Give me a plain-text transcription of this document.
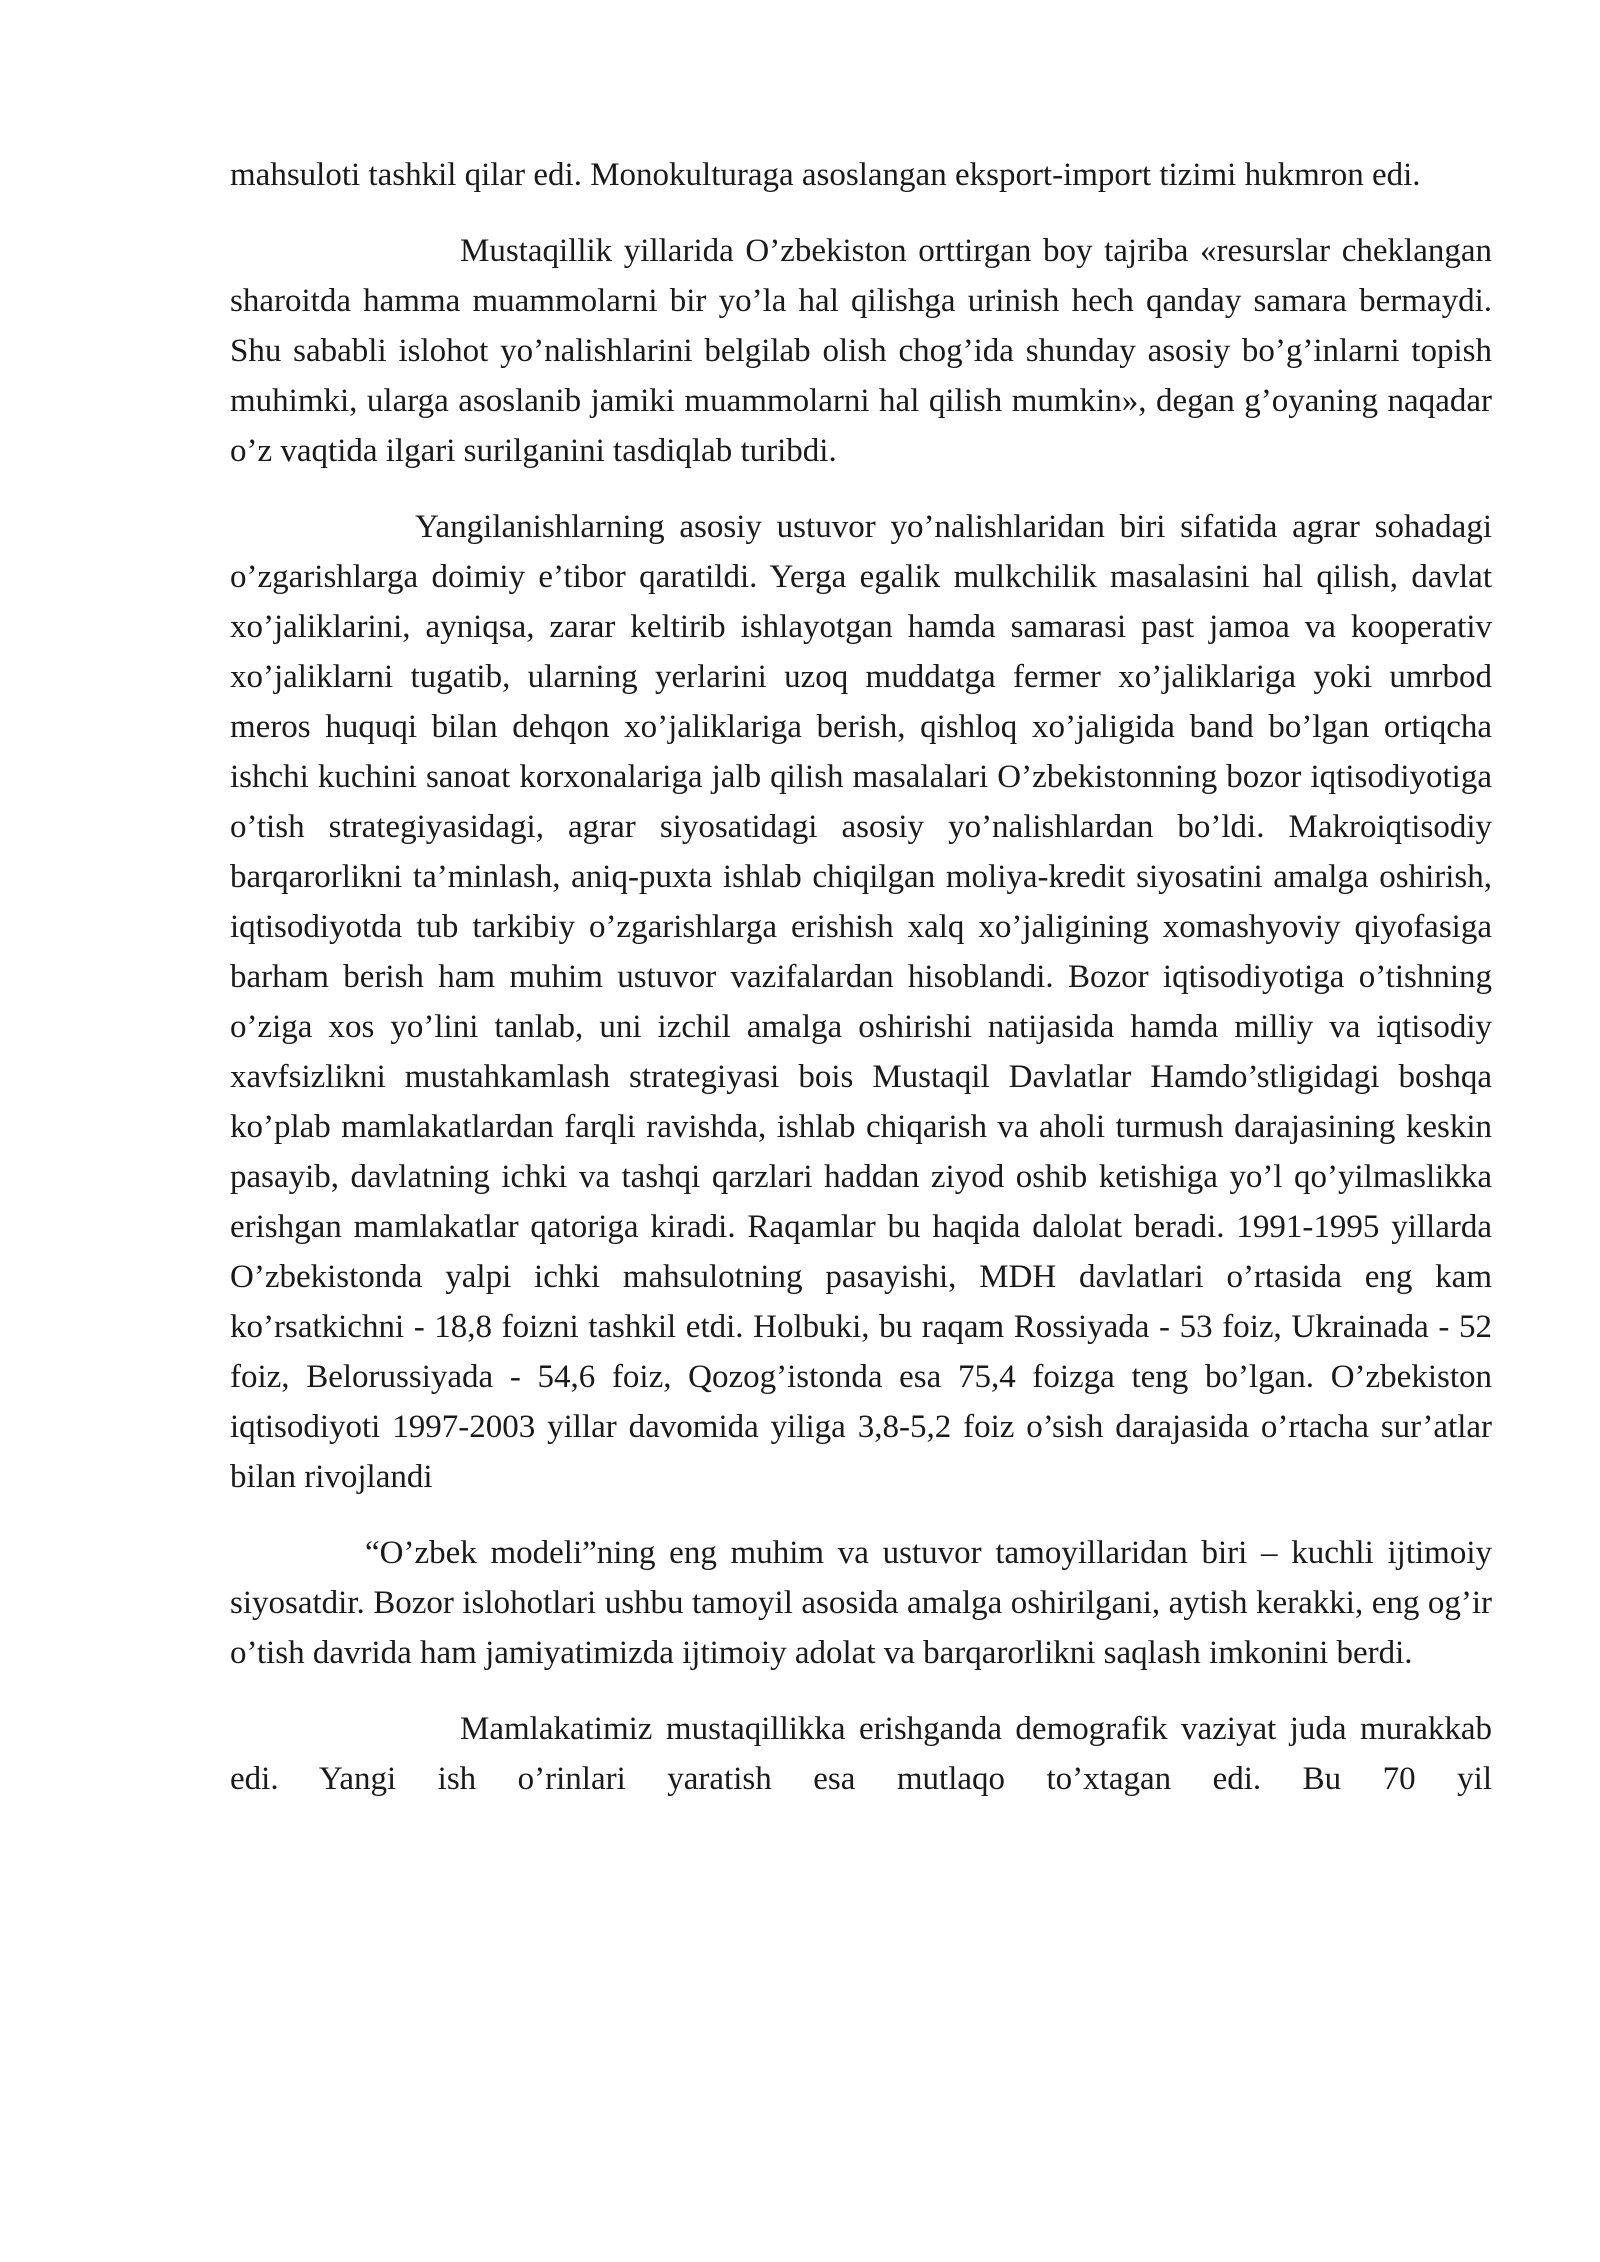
mahsuloti tashkil qilar edi. Monokulturaga asoslangan eksport-import tizimi hukmron edi.

Mustaqillik yillarida O’zbekiston orttirgan boy tajriba «resurslar cheklangan sharoitda hamma muammolarni bir yo’la hal qilishga urinish hech qanday samara bermaydi. Shu sababli islohot yo’nalishlarini belgilab olish chog’ida shunday asosiy bo’g’inlarni topish muhimki, ularga asoslanib jamiki muammolarni hal qilish mumkin», degan g’oyaning naqadar o’z vaqtida ilgari surilganini tasdiqlab turibdi.

Yangilanishlarning asosiy ustuvor yo’nalishlaridan biri sifatida agrar sohadagi o’zgarishlarga doimiy e’tibor qaratildi. Yerga egalik mulkchilik masalasini hal qilish, davlat xo’jaliklarini, ayniqsa, zarar keltirib ishlayotgan hamda samarasi past jamoa va kooperativ xo’jaliklarni tugatib, ularning yerlarini uzoq muddatga fermer xo’jaliklariga yoki umrbod meros huquqi bilan dehqon xo’jaliklariga berish, qishloq xo’jaligida band bo’lgan ortiqcha ishchi kuchini sanoat korxonalariga jalb qilish masalalari O’zbekistonning bozor iqtisodiyotiga o’tish strategiyasidagi, agrar siyosatidagi asosiy yo’nalishlardan bo’ldi. Makroiqtisodiy barqarorlikni ta’minlash, aniq-puxta ishlab chiqilgan moliya-kredit siyosatini amalga oshirish, iqtisodiyotda tub tarkibiy o’zgarishlarga erishish xalq xo’jaligining xomashyoviy qiyofasiga barham berish ham muhim ustuvor vazifalardan hisoblandi. Bozor iqtisodiyotiga o’tishning o’ziga xos yo’lini tanlab, uni izchil amalga oshirishi natijasida hamda milliy va iqtisodiy xavfsizlikni mustahkamlash strategiyasi bois Mustaqil Davlatlar Hamdo’stligidagi boshqa ko’plab mamlakatlardan farqli ravishda, ishlab chiqarish va aholi turmush darajasining keskin pasayib, davlatning ichki va tashqi qarzlari haddan ziyod oshib ketishiga yo’l qo’yilmaslikka erishgan mamlakatlar qatoriga kiradi. Raqamlar bu haqida dalolat beradi. 1991-1995 yillarda O’zbekistonda yalpi ichki mahsulotning pasayishi, MDH davlatlari o’rtasida eng kam ko’rsatkichni - 18,8 foizni tashkil etdi. Holbuki, bu raqam Rossiyada - 53 foiz, Ukrainada - 52 foiz, Belorussiyada - 54,6 foiz, Qozog’istonda esa 75,4 foizga teng bo’lgan. O’zbekiston iqtisodiyoti 1997-2003 yillar davomida yiliga 3,8-5,2 foiz o’sish darajasida o’rtacha sur’atlar bilan rivojlandi

“O’zbek modeli”ning eng muhim va ustuvor tamoyillaridan biri – kuchli ijtimoiy siyosatdir. Bozor islohotlari ushbu tamoyil asosida amalga oshirilgani, aytish kerakki, eng og’ir o’tish davrida ham jamiyatimizda ijtimoiy adolat va barqarorlikni saqlash imkonini berdi.

Mamlakatimiz mustaqillikka erishganda demografik vaziyat juda murakkab edi. Yangi ish o’rinlari yaratish esa mutlaqo to’xtagan edi. Bu 70 yil
